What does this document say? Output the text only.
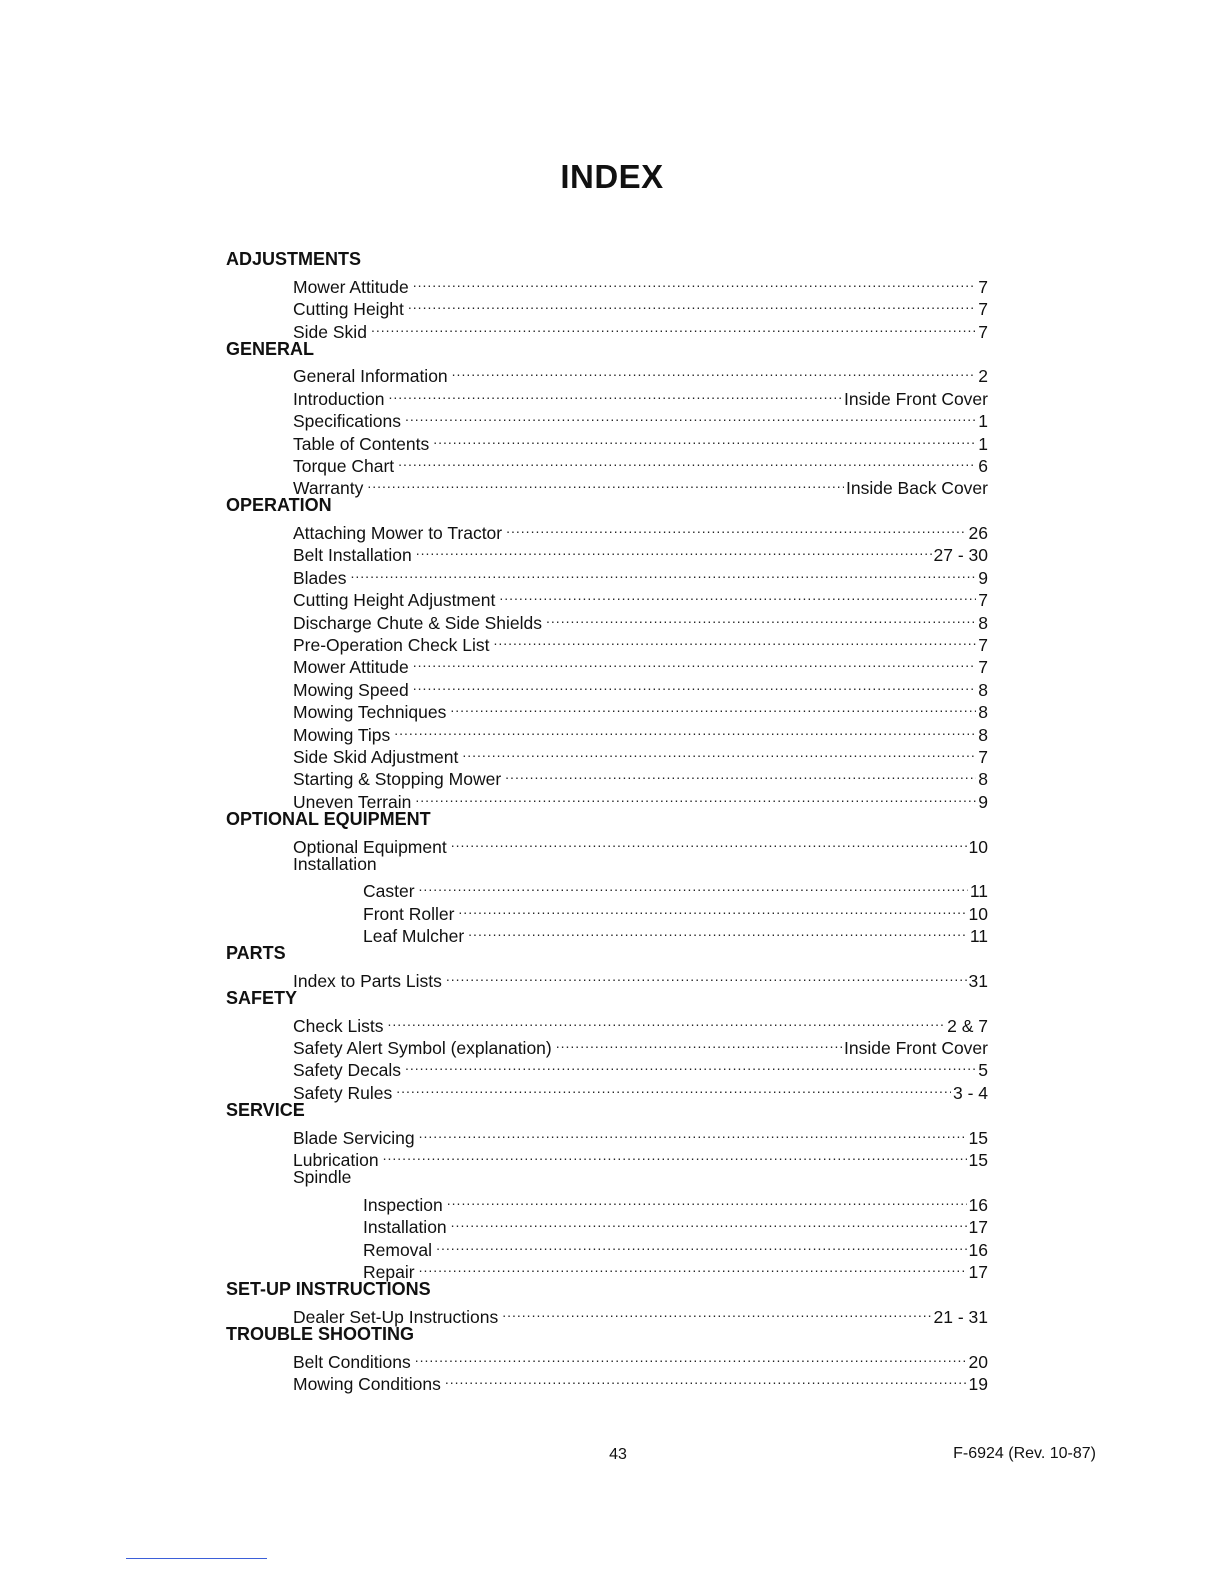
INDEX
ADJUSTMENTS
Mower Attitude .....	7
Cutting Height .....	7
Side Skid .....	7
GENERAL
General Information .....	2
Introduction .....	Inside Front Cover
Specifications .....	1
Table of Contents .....	1
Torque Chart .....	6
Warranty .....	Inside Back Cover
OPERATION
Attaching Mower to Tractor .....	26
Belt Installation .....	27 - 30
Blades .....	9
Cutting Height Adjustment .....	7
Discharge Chute & Side Shields .....	8
Pre-Operation Check List .....	7
Mower Attitude .....	7
Mowing Speed .....	8
Mowing Techniques .....	8
Mowing Tips .....	8
Side Skid Adjustment .....	7
Starting & Stopping Mower .....	8
Uneven Terrain .....	9
OPTIONAL EQUIPMENT
Optional Equipment .....	10
Installation
Caster .....	11
Front Roller .....	10
Leaf Mulcher .....	11
PARTS
Index to Parts Lists .....	31
SAFETY
Check Lists .....	2 & 7
Safety Alert Symbol (explanation) .....	Inside Front Cover
Safety Decals .....	5
Safety Rules .....	3 - 4
SERVICE
Blade Servicing .....	15
Lubrication .....	15
Spindle
Inspection .....	16
Installation .....	17
Removal .....	16
Repair .....	17
SET-UP INSTRUCTIONS
Dealer Set-Up Instructions .....	21 - 31
TROUBLE SHOOTING
Belt Conditions .....	20
Mowing Conditions .....	19
43	F-6924 (Rev. 10-87)
